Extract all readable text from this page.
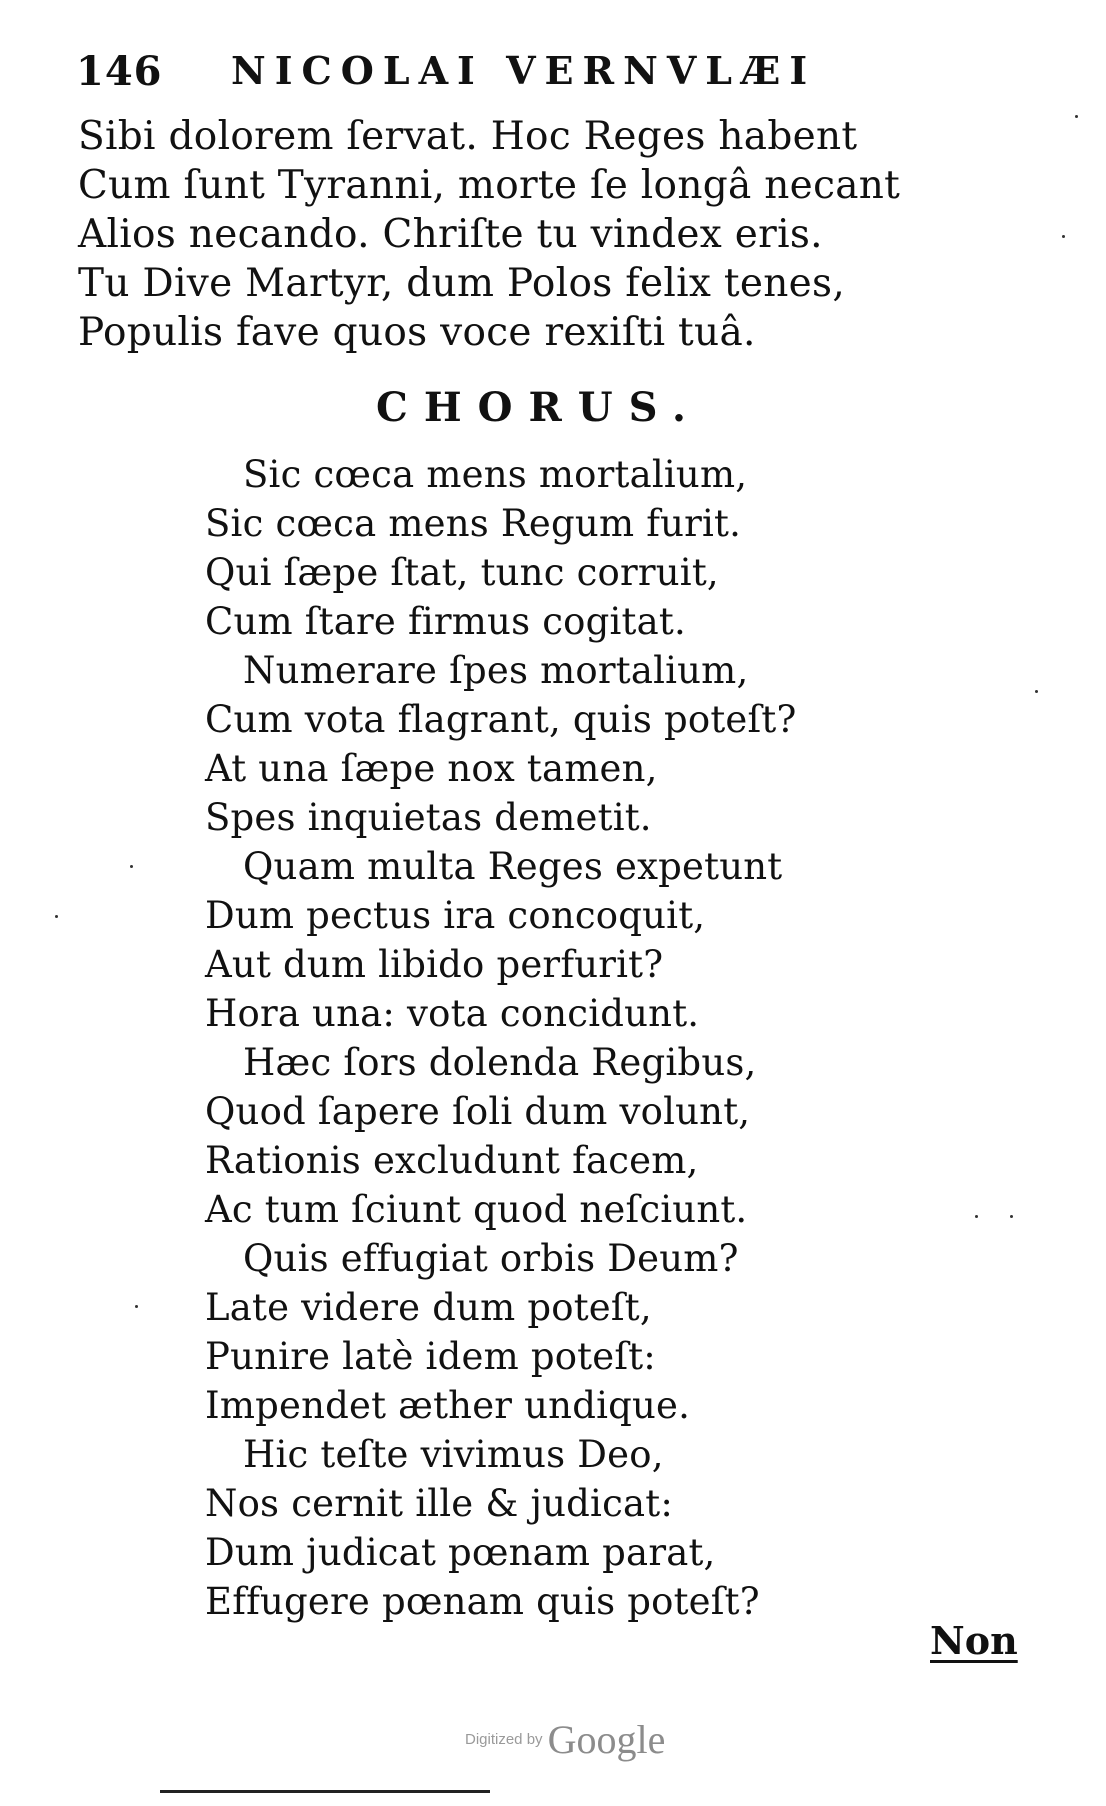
146 NICOLAI VERNVLÆI
Sibi dolorem ſervat. Hoc Reges habent
Cum ſunt Tyranni, morte ſe longâ necant
Alios necando. Chriſte tu vindex eris.
Tu Dive Martyr, dum Polos felix tenes,
Populis fave quos voce rexiſti tuâ.
CHORUS.
Sic cœca mens mortalium,
Sic cœca mens Regum furit.
Qui ſæpe ſtat, tunc corruit,
Cum ſtare firmus cogitat.
Numerare ſpes mortalium,
Cum vota flagrant, quis poteſt?
At una ſæpe nox tamen,
Spes inquietas demetit.
Quam multa Reges expetunt
Dum pectus ira concoquit,
Aut dum libido perfurit?
Hora una: vota concidunt.
Hæc ſors dolenda Regibus,
Quod ſapere ſoli dum volunt,
Rationis excludunt facem,
Ac tum ſciunt quod neſciunt.
Quis effugiat orbis Deum?
Late videre dum poteſt,
Punire latè idem poteſt:
Impendet æther undique.
Hic teſte vivimus Deo,
Nos cernit ille & judicat:
Dum judicat pœnam parat,
Effugere pœnam quis poteſt?
Non
Digitized by Google
